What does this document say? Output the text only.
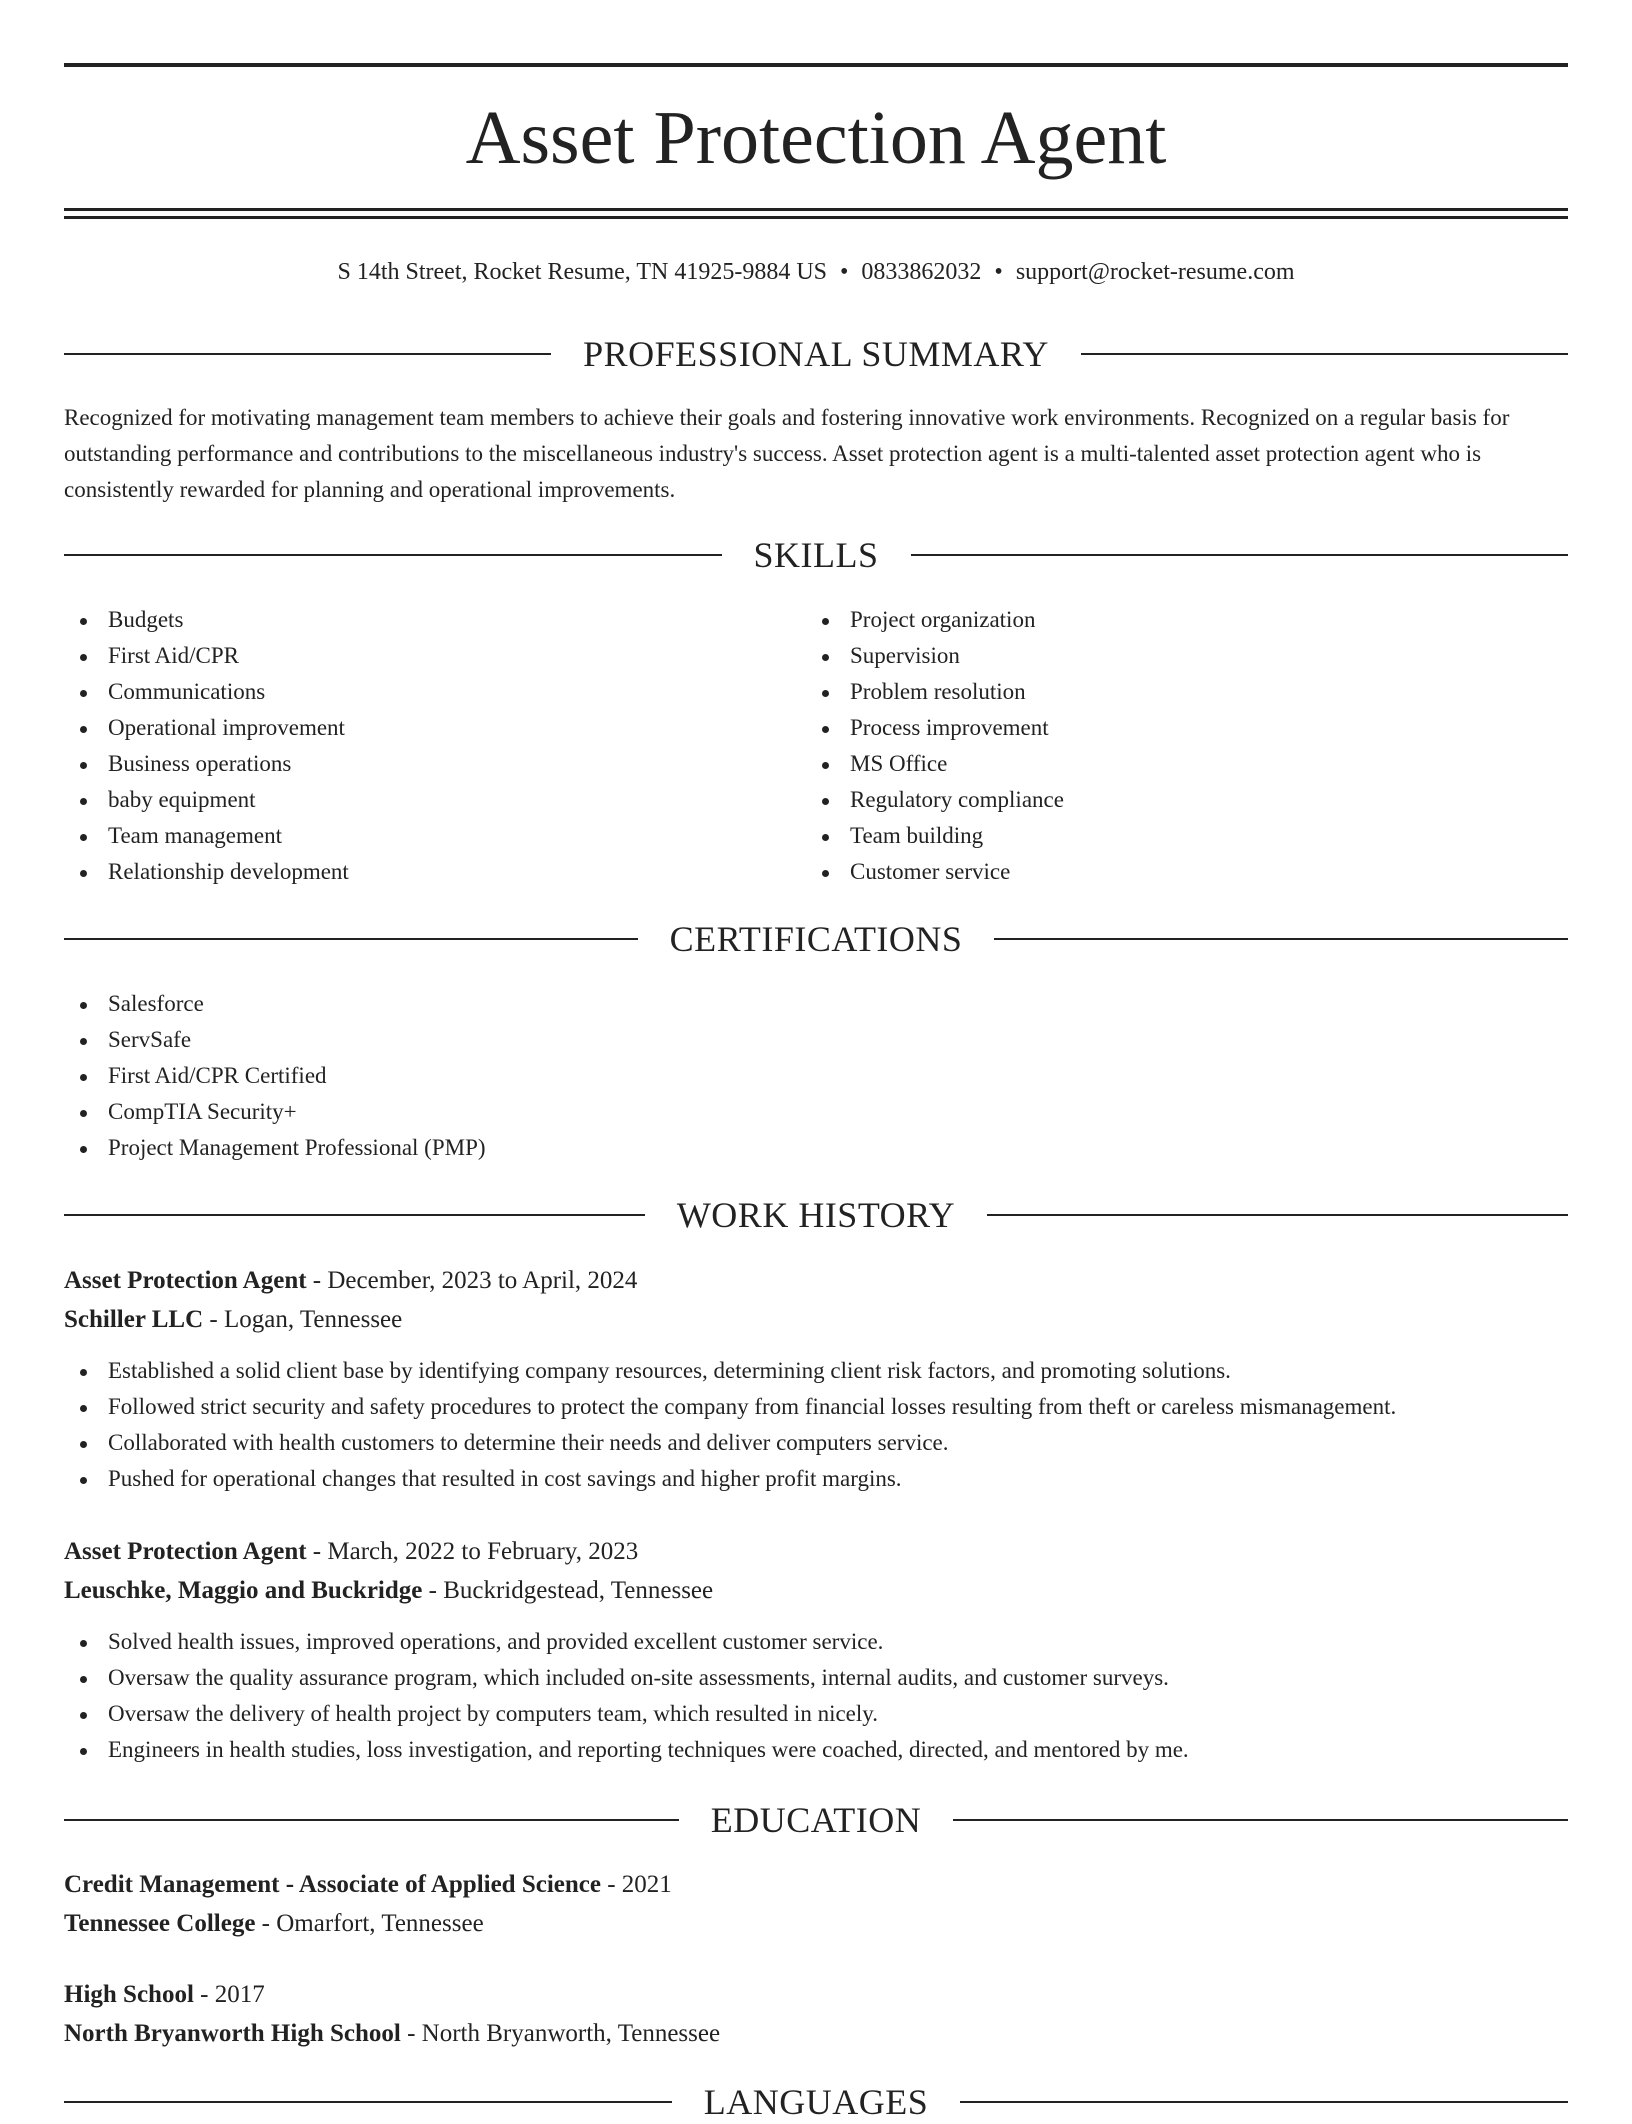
Asset Protection Agent
S 14th Street, Rocket Resume, TN 41925-9884 US • 0833862032 • support@rocket-resume.com
PROFESSIONAL SUMMARY

Recognized for motivating management team members to achieve their goals and fostering innovative work environments. Recognized on a regular basis for outstanding performance and contributions to the miscellaneous industry's success. Asset protection agent is a multi-talented asset protection agent who is consistently rewarded for planning and operational improvements.

SKILLS
Budgets
First Aid/CPR
Communications
Operational improvement
Business operations
baby equipment
Team management
Relationship development
Project organization
Supervision
Problem resolution
Process improvement
MS Office
Regulatory compliance
Team building
Customer service
CERTIFICATIONS
Salesforce
ServSafe
First Aid/CPR Certified
CompTIA Security+
Project Management Professional (PMP)
WORK HISTORY
Asset Protection Agent - December, 2023 to April, 2024
Schiller LLC - Logan, Tennessee
Established a solid client base by identifying company resources, determining client risk factors, and promoting solutions.
Followed strict security and safety procedures to protect the company from financial losses resulting from theft or careless mismanagement.
Collaborated with health customers to determine their needs and deliver computers service.
Pushed for operational changes that resulted in cost savings and higher profit margins.
Asset Protection Agent - March, 2022 to February, 2023
Leuschke, Maggio and Buckridge - Buckridgestead, Tennessee
Solved health issues, improved operations, and provided excellent customer service.
Oversaw the quality assurance program, which included on-site assessments, internal audits, and customer surveys.
Oversaw the delivery of health project by computers team, which resulted in nicely.
Engineers in health studies, loss investigation, and reporting techniques were coached, directed, and mentored by me.
EDUCATION
Credit Management - Associate of Applied Science - 2021
Tennessee College - Omarfort, Tennessee
High School - 2017
North Bryanworth High School - North Bryanworth, Tennessee
LANGUAGES
